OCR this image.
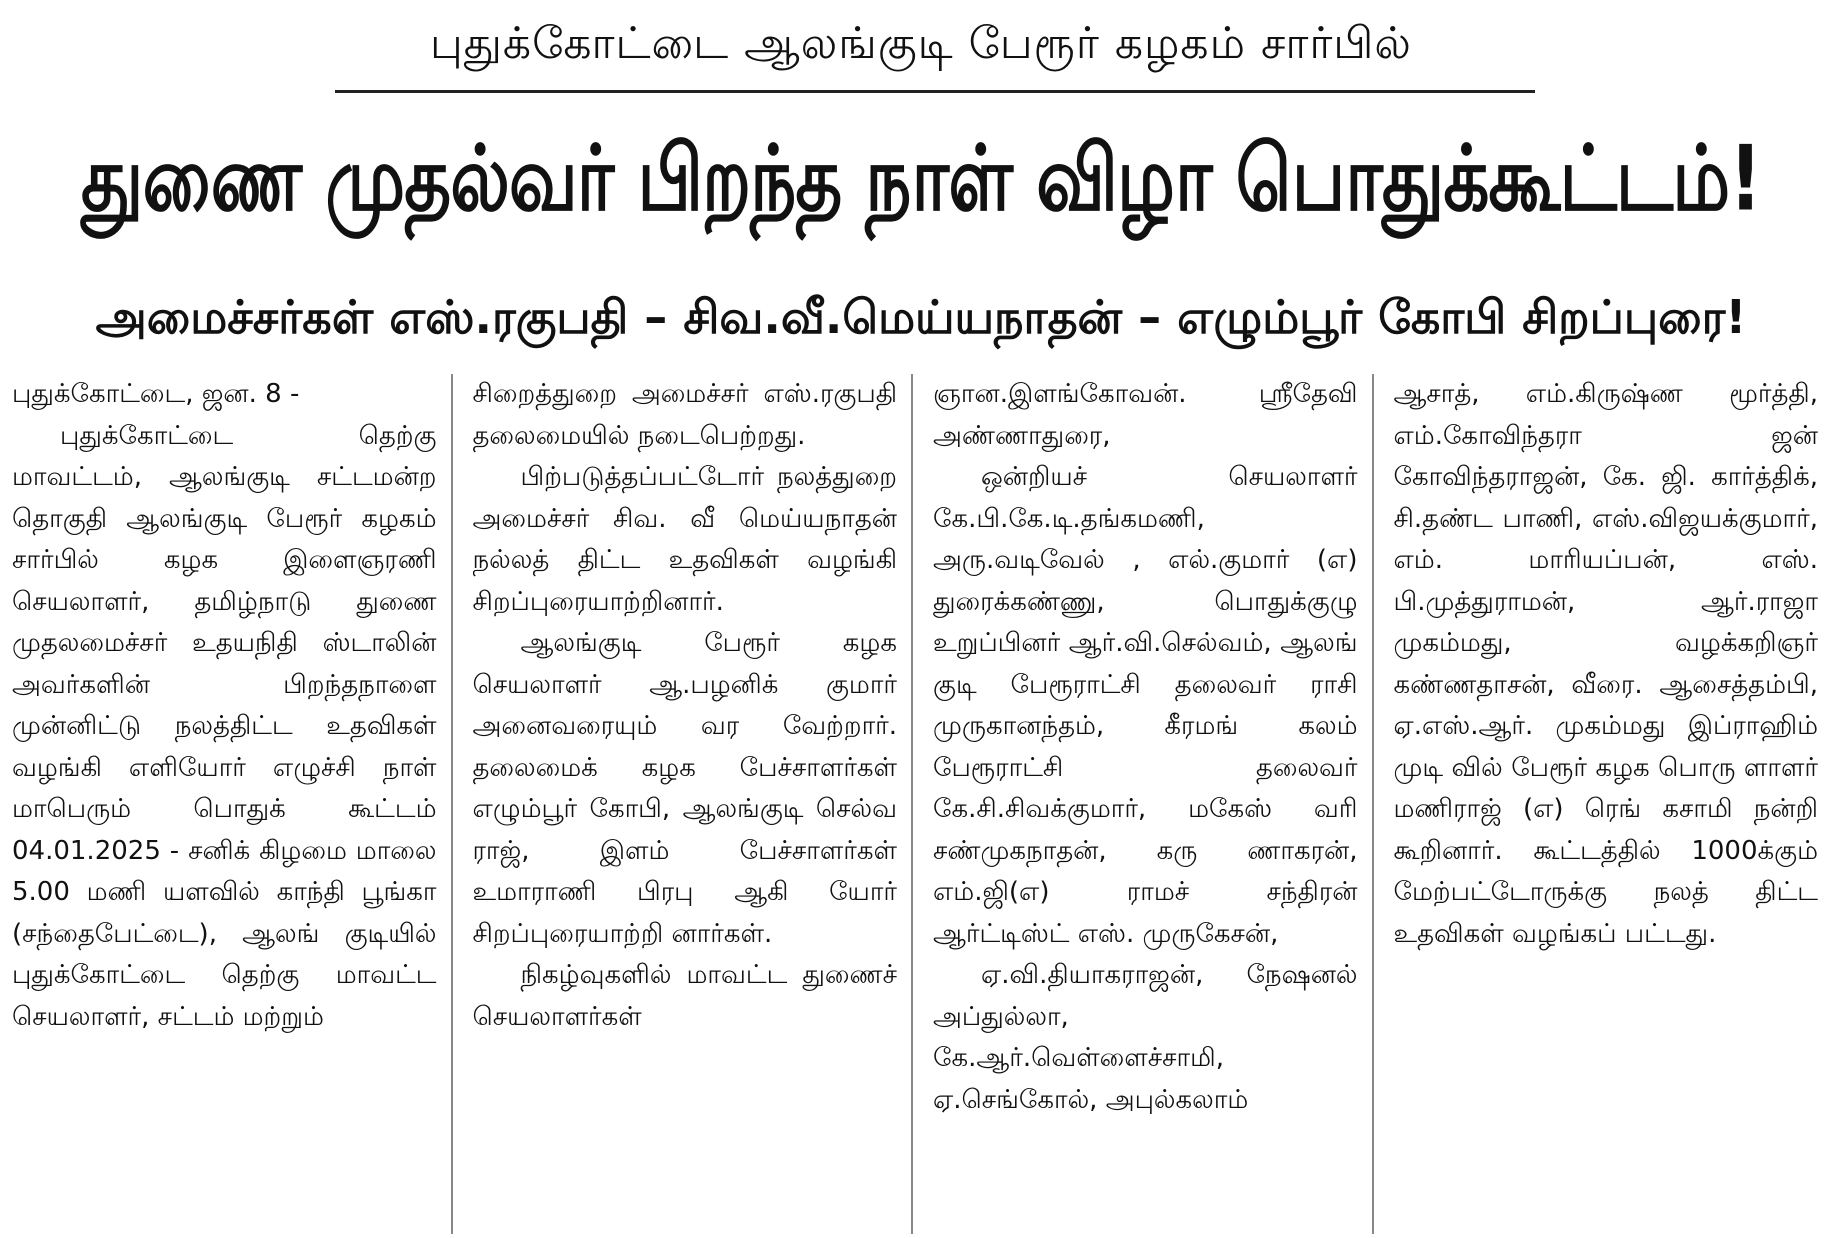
புதுக்கோட்டை ஆலங்குடி பேரூர் கழகம் சார்பில்
துணை முதல்வர் பிறந்த நாள் விழா பொதுக்கூட்டம்!
அமைச்சர்கள் எஸ்.ரகுபதி – சிவ.வீ.மெய்யநாதன் – எழும்பூர் கோபி சிறப்புரை!

புதுக்கோட்டை, ஜன. 8 -

புதுக்கோட்டை தெற்கு மாவட்டம், ஆலங்குடி சட்டமன்ற தொகுதி ஆலங்குடி பேரூர் கழகம் சார்பில் கழக இளைஞரணி செயலாளர், தமிழ்நாடு துணை முதலமைச்சர் உதயநிதி ஸ்டாலின் அவர்களின் பிறந்தநாளை முன்னிட்டு நலத்திட்ட உதவிகள் வழங்கி எளியோர் எழுச்சி நாள் மாபெரும் பொதுக் கூட்டம் 04.01.2025 - சனிக் கிழமை மாலை 5.00 மணி யளவில் காந்தி பூங்கா (சந்தைபேட்டை), ஆலங் குடியில் புதுக்கோட்டை தெற்கு மாவட்ட செயலாளர், சட்டம் மற்றும்

சிறைத்துறை அமைச்சர் எஸ்.ரகுபதி தலைமையில் நடைபெற்றது.

பிற்படுத்தப்பட்டோர் நலத்துறை அமைச்சர் சிவ. வீ மெய்யநாதன் நல்லத் திட்ட உதவிகள் வழங்கி சிறப்புரையாற்றினார்.

ஆலங்குடி பேரூர் கழக செயலாளர் ஆ.பழனிக் குமார் அனைவரையும் வர வேற்றார். தலைமைக் கழக பேச்சாளர்கள் எழும்பூர் கோபி, ஆலங்குடி செல்வ ராஜ், இளம் பேச்சாளர்கள் உமாராணி பிரபு ஆகி யோர் சிறப்புரையாற்றி னார்கள்.

நிகழ்வுகளில் மாவட்ட துணைச் செயலாளர்கள்

ஞான.இளங்கோவன். ஸ்ரீதேவி அண்ணாதுரை,

ஒன்றியச் செயலாளர் கே.பி.கே.டி.தங்கமணி, அரு.வடிவேல் , எல்.குமார் (எ) துரைக்கண்ணு, பொதுக்குழு உறுப்பினர் ஆர்.வி.செல்வம், ஆலங் குடி பேரூராட்சி தலைவர் ராசி முருகானந்தம், கீரமங் கலம் பேரூராட்சி தலைவர் கே.சி.சிவக்குமார், மகேஸ் வரி சண்முகநாதன், கரு ணாகரன், எம்.ஜி(எ) ராமச் சந்திரன் ஆர்ட்டிஸ்ட் எஸ். முருகேசன்,

ஏ.வி.தியாகராஜன், நேஷனல் அப்துல்லா, கே.ஆர்.வெள்ளைச்சாமி, ஏ.செங்கோல், அபுல்கலாம்

ஆசாத், எம்.கிருஷ்ண மூர்த்தி, எம்.கோவிந்தரா ஜன் கோவிந்தராஜன், கே. ஜி. கார்த்திக், சி.தண்ட பாணி, எஸ்.விஜயக்குமார், எம். மாரியப்பன், எஸ். பி.முத்துராமன், ஆர்.ராஜா முகம்மது, வழக்கறிஞர் கண்ணதாசன், வீரை. ஆசைத்தம்பி, ஏ.எஸ்.ஆர். முகம்மது இப்ராஹிம் முடி வில் பேரூர் கழக பொரு ளாளர் மணிராஜ் (எ) ரெங் கசாமி நன்றி கூறினார். கூட்டத்தில் 1000க்கும் மேற்பட்டோருக்கு நலத் திட்ட உதவிகள் வழங்கப் பட்டது.
